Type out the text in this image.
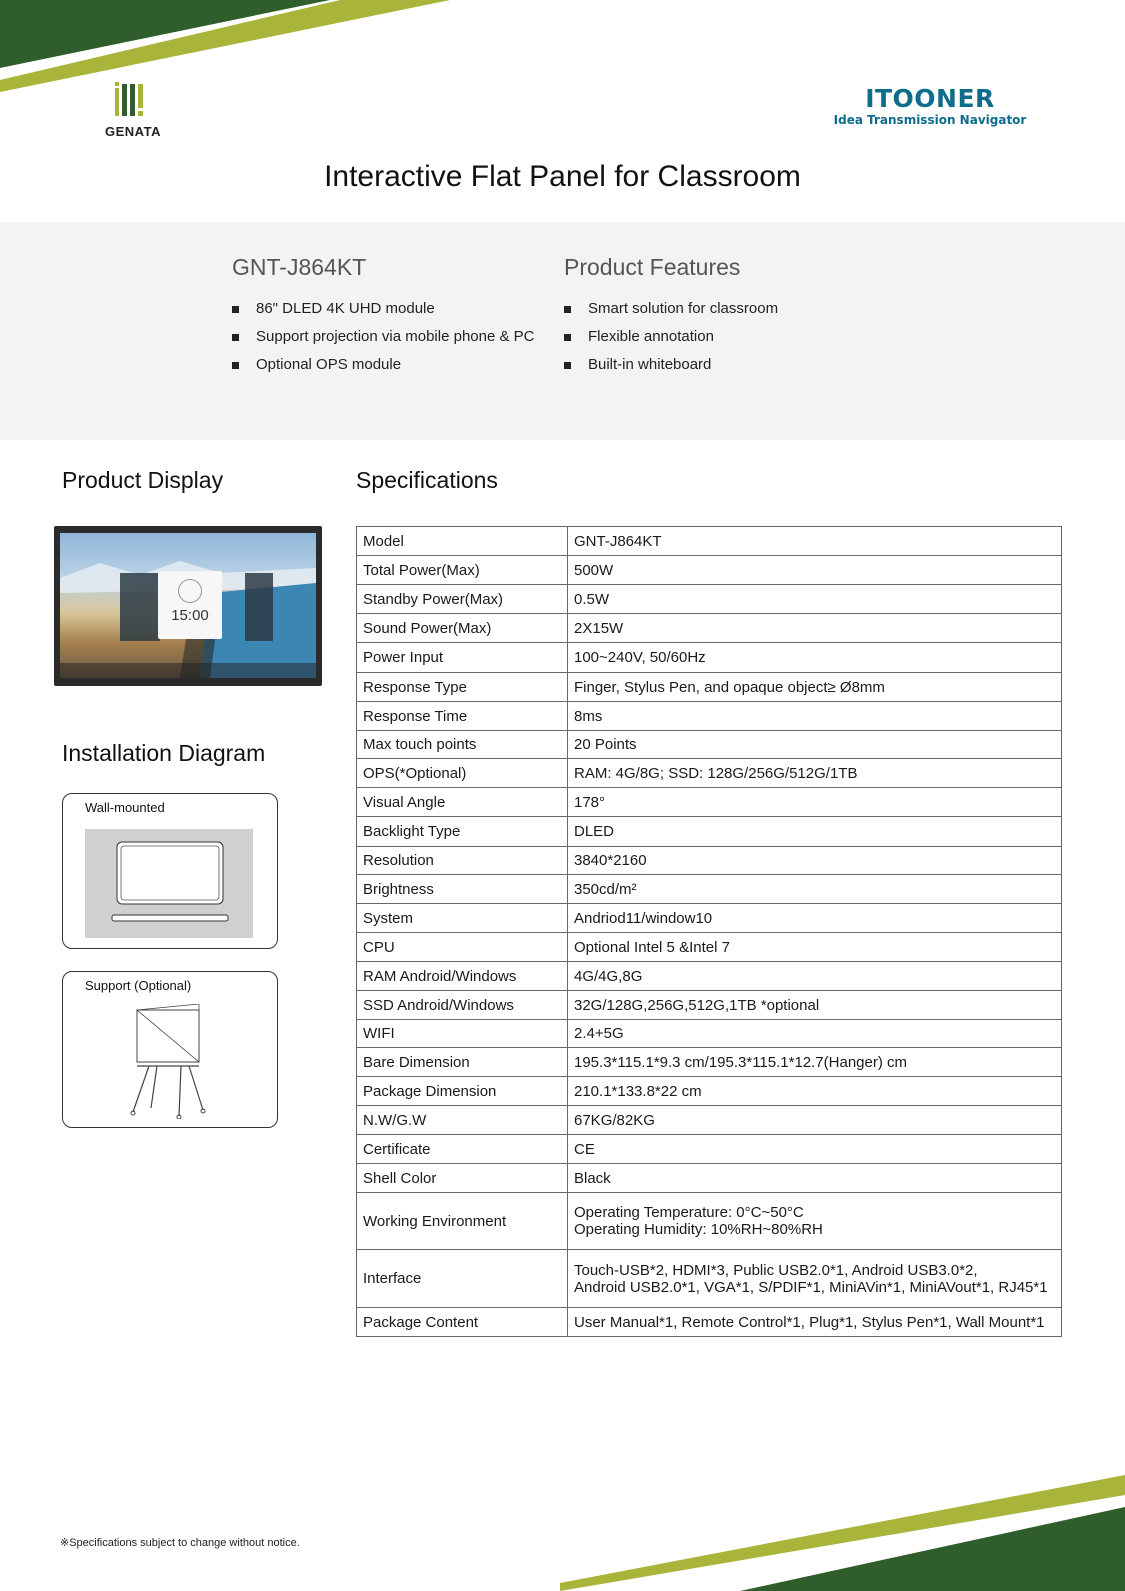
GENATA
ITOONER
Idea Transmission Navigator
Interactive Flat Panel for Classroom
GNT-J864KT
86" DLED 4K UHD module
Support projection via mobile phone & PC
Optional OPS module
Product Features
Smart solution for classroom
Flexible annotation
Built-in whiteboard
Product Display
15:00
Installation Diagram
Wall-mounted
Support (Optional)
Specifications
Model	GNT-J864KT
Total Power(Max)	500W
Standby Power(Max)	0.5W
Sound Power(Max)	2X15W
Power Input	100~240V, 50/60Hz
Response Type	Finger, Stylus Pen, and opaque object≥ Ø8mm
Response Time	8ms
Max touch points	20 Points
OPS(*Optional)	RAM: 4G/8G; SSD: 128G/256G/512G/1TB
Visual Angle	178°
Backlight Type	DLED
Resolution	3840*2160
Brightness	350cd/m²
System	Andriod11/window10
CPU	Optional Intel 5 &Intel 7
RAM Android/Windows	4G/4G,8G
SSD Android/Windows	32G/128G,256G,512G,1TB *optional
WIFI	2.4+5G
Bare Dimension	195.3*115.1*9.3 cm/195.3*115.1*12.7(Hanger) cm
Package Dimension	210.1*133.8*22 cm
N.W/G.W	67KG/82KG
Certificate	CE
Shell Color	Black
Working Environment	Operating Temperature: 0°C~50°C
Operating Humidity: 10%RH~80%RH

Interface	Touch-USB*2, HDMI*3, Public USB2.0*1, Android USB3.0*2,
Android USB2.0*1, VGA*1, S/PDIF*1, MiniAVin*1, MiniAVout*1, RJ45*1

Package Content	User Manual*1, Remote Control*1, Plug*1, Stylus Pen*1, Wall Mount*1
※Specifications subject to change without notice.
